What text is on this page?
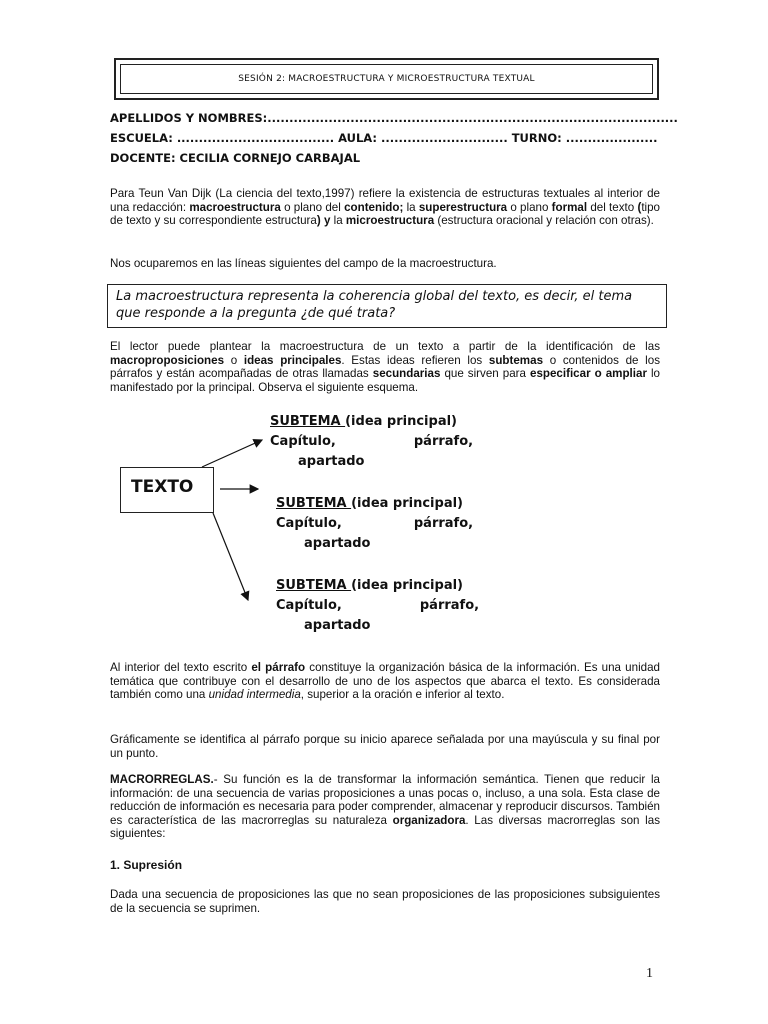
SESIÓN 2: MACROESTRUCTURA Y MICROESTRUCTURA TEXTUAL
APELLIDOS Y NOMBRES:..............................................................................................
ESCUELA: .................................... AULA: ............................. TURNO: .....................
DOCENTE: CECILIA CORNEJO CARBAJAL
Para Teun Van Dijk (La ciencia del texto,1997) refiere la existencia de estructuras textuales al interior de una redacción: macroestructura o plano del contenido; la superestructura o plano formal del texto (tipo de texto y su correspondiente estructura) y la microestructura (estructura oracional y relación con otras).
Nos ocuparemos en las líneas siguientes del campo de la macroestructura.
La macroestructura representa la coherencia global del texto, es decir, el tema que responde a la pregunta ¿de qué trata?
El lector puede plantear la macroestructura de un texto a partir de la identificación de las macroproposiciones o ideas principales. Estas ideas refieren los subtemas o contenidos de los párrafos y están acompañadas de otras llamadas secundarias que sirven para especificar o ampliar lo manifestado por la principal. Observa el siguiente esquema.
TEXTO
SUBTEMA (idea principal)
Capítulo,	párrafo,
apartado
SUBTEMA (idea principal)
Capítulo,	párrafo,
apartado
SUBTEMA (idea principal)
Capítulo,	párrafo,
apartado
Al interior del texto escrito el párrafo constituye la organización básica de la información. Es una unidad temática que contribuye con el desarrollo de uno de los aspectos que abarca el texto. Es considerada también como una unidad intermedia, superior a la oración e inferior al texto.
Gráficamente se identifica al párrafo porque su inicio aparece señalada por una mayúscula y su final por un punto.
MACRORREGLAS.- Su función es la de transformar la información semántica. Tienen que reducir la información: de una secuencia de varias proposiciones a unas pocas o, incluso, a una sola. Esta clase de reducción de información es necesaria para poder comprender, almacenar y reproducir discursos. También es característica de las macrorreglas su naturaleza organizadora. Las diversas macrorreglas son las siguientes:
1. Supresión
Dada una secuencia de proposiciones las que no sean proposiciones de las proposiciones subsiguientes de la secuencia se suprimen.
1
